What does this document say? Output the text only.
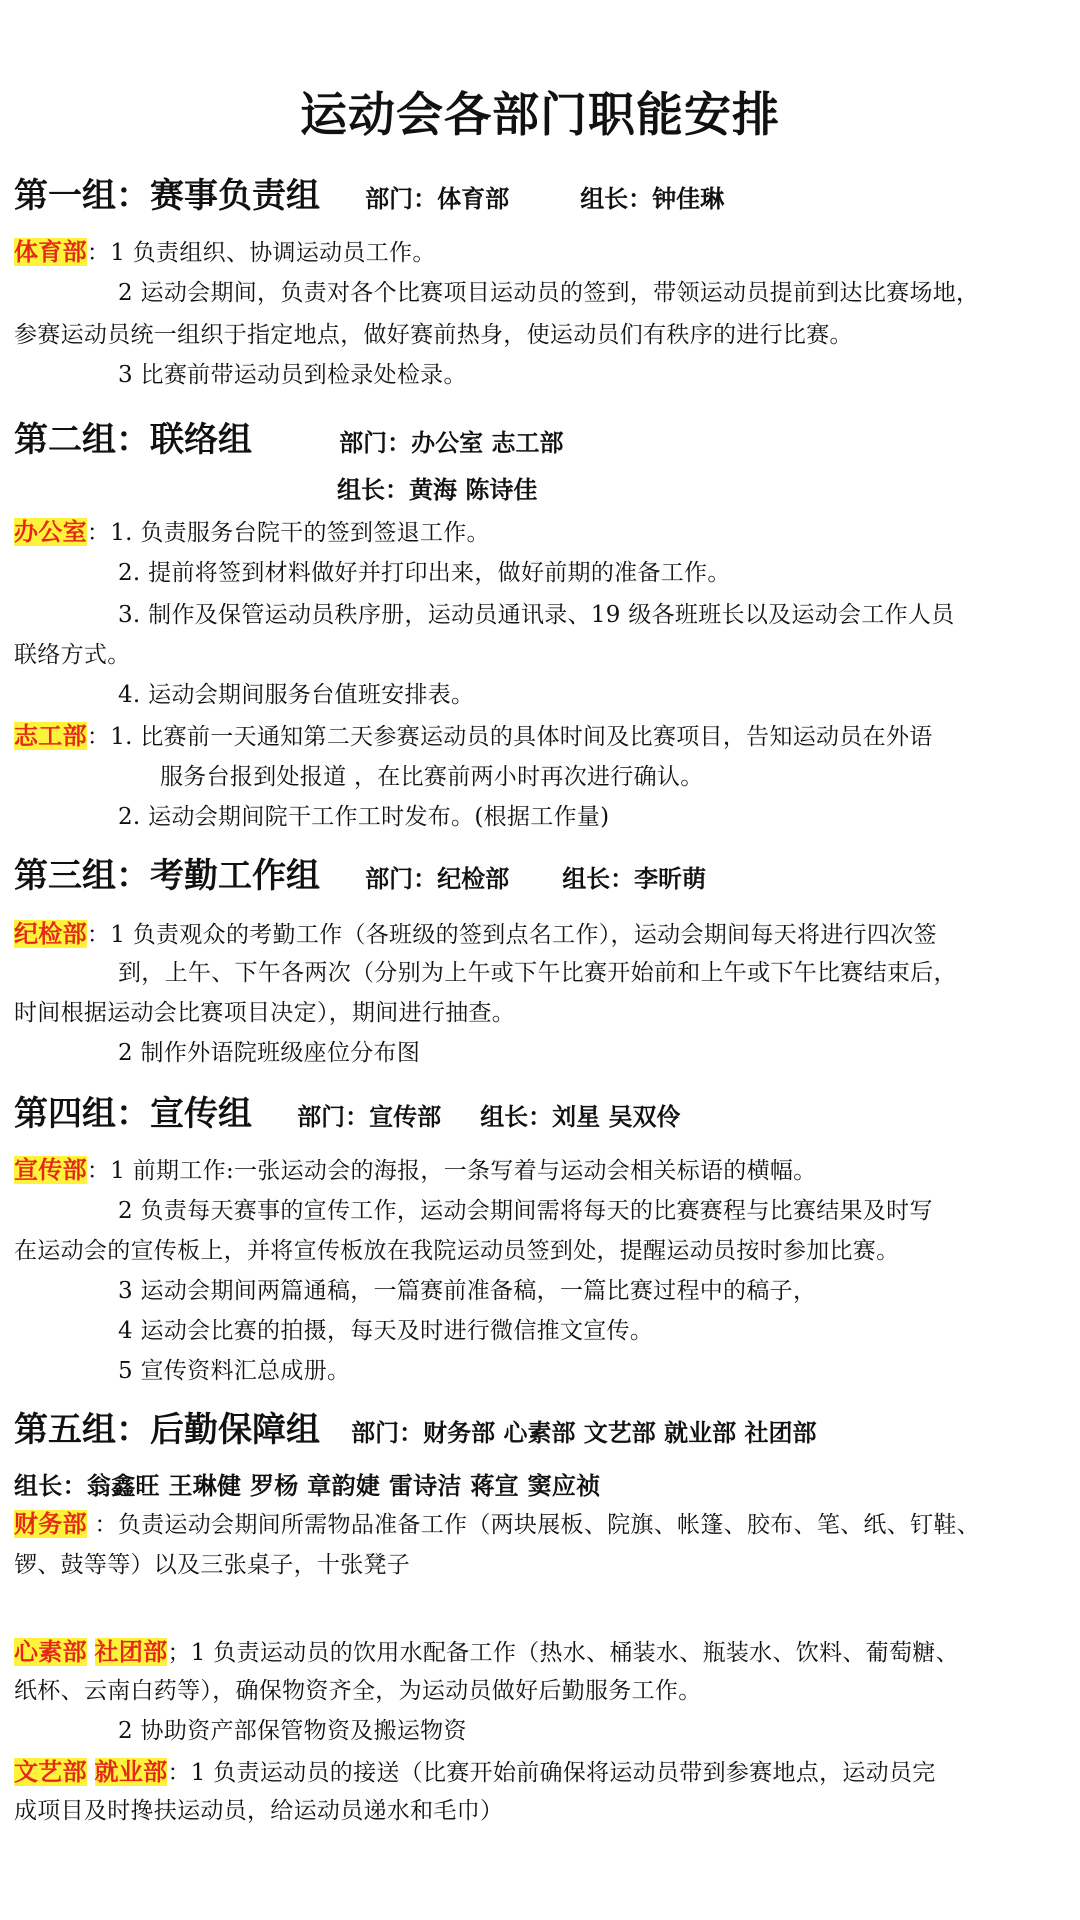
运动会各部门职能安排
第一组：赛事负责组 部门：体育部	组长：钟佳琳
体育部：1 负责组织、协调运动员工作。
2 运动会期间，负责对各个比赛项目运动员的签到，带领运动员提前到达比赛场地，
参赛运动员统一组织于指定地点，做好赛前热身，使运动员们有秩序的进行比赛。
3 比赛前带运动员到检录处检录。
第二组：联络组	部门：办公室 志工部
组长：黄海 陈诗佳
办公室：1. 负责服务台院干的签到签退工作。
2. 提前将签到材料做好并打印出来，做好前期的准备工作。
3. 制作及保管运动员秩序册，运动员通讯录、19 级各班班长以及运动会工作人员
联络方式。
4. 运动会期间服务台值班安排表。
志工部：1. 比赛前一天通知第二天参赛运动员的具体时间及比赛项目，告知运动员在外语
服务台报到处报道 ，在比赛前两小时再次进行确认。
2. 运动会期间院干工作工时发布。(根据工作量)
第三组：考勤工作组 部门：纪检部 组长：李昕萌
纪检部：1 负责观众的考勤工作（各班级的签到点名工作），运动会期间每天将进行四次签
到，上午、下午各两次（分别为上午或下午比赛开始前和上午或下午比赛结束后，
时间根据运动会比赛项目决定），期间进行抽查。
2 制作外语院班级座位分布图
第四组：宣传组 部门：宣传部 组长：刘星 吴双伶
宣传部：1 前期工作:一张运动会的海报，一条写着与运动会相关标语的横幅。
2 负责每天赛事的宣传工作，运动会期间需将每天的比赛赛程与比赛结果及时写
在运动会的宣传板上，并将宣传板放在我院运动员签到处，提醒运动员按时参加比赛。
3 运动会期间两篇通稿，一篇赛前准备稿，一篇比赛过程中的稿子，
4 运动会比赛的拍摄，每天及时进行微信推文宣传。
5 宣传资料汇总成册。
第五组：后勤保障组 部门：财务部 心素部 文艺部 就业部 社团部
组长：翁鑫旺 王琳健 罗杨 章韵婕 雷诗洁 蒋宣 窦应祯
财务部 ：负责运动会期间所需物品准备工作（两块展板、院旗、帐篷、胶布、笔、纸、钉鞋、
锣、鼓等等）以及三张桌子，十张凳子
心素部 社团部；1 负责运动员的饮用水配备工作（热水、桶装水、瓶装水、饮料、葡萄糖、
纸杯、云南白药等），确保物资齐全，为运动员做好后勤服务工作。
2 协助资产部保管物资及搬运物资
文艺部 就业部：1 负责运动员的接送（比赛开始前确保将运动员带到参赛地点，运动员完
成项目及时搀扶运动员，给运动员递水和毛巾）
